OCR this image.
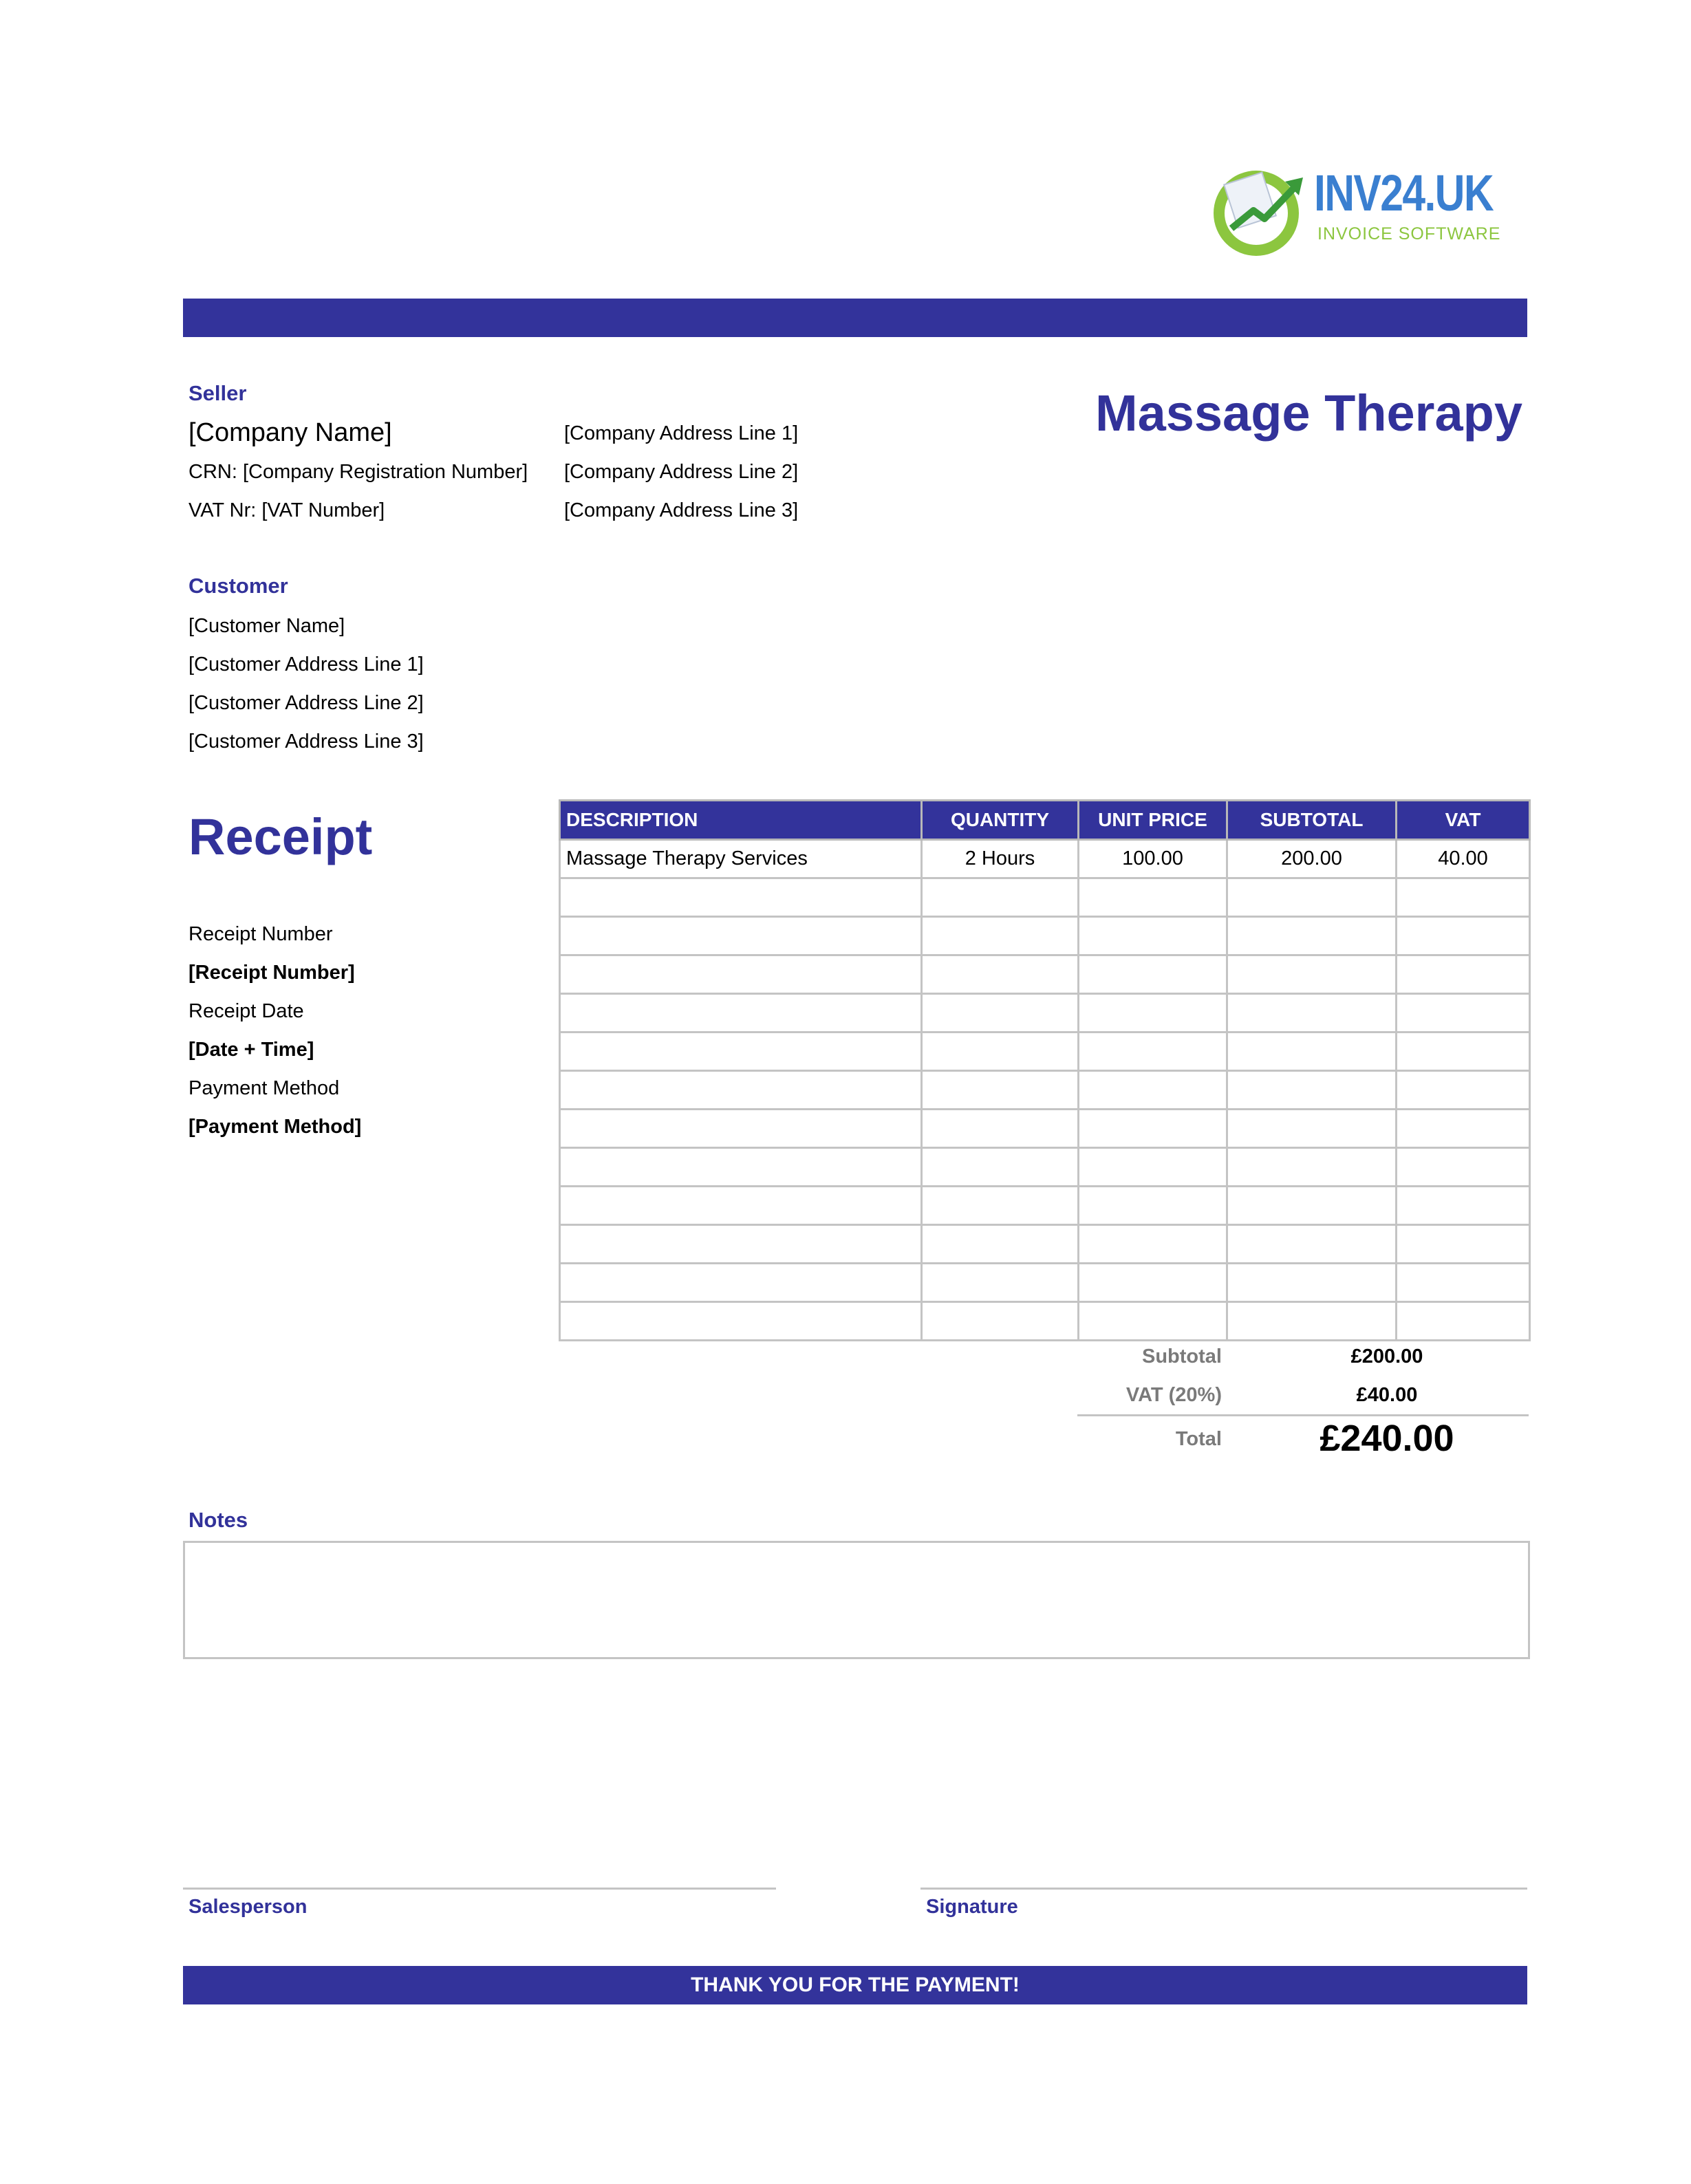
INV24.UK
INVOICE SOFTWARE
Seller
[Company Name]
CRN: [Company Registration Number]
VAT Nr: [VAT Number]
[Company Address Line 1]
[Company Address Line 2]
[Company Address Line 3]
Massage Therapy
Customer
[Customer Name]
[Customer Address Line 1]
[Customer Address Line 2]
[Customer Address Line 3]
Receipt
Receipt Number
[Receipt Number]
Receipt Date
[Date + Time]
Payment Method
[Payment Method]
DESCRIPTION	QUANTITY	UNIT PRICE	SUBTOTAL	VAT
Massage Therapy Services	2 Hours	100.00	200.00	40.00

Subtotal	£200.00
VAT (20%)	£40.00
Total	£240.00
Notes
Salesperson	Signature
THANK YOU FOR THE PAYMENT!
